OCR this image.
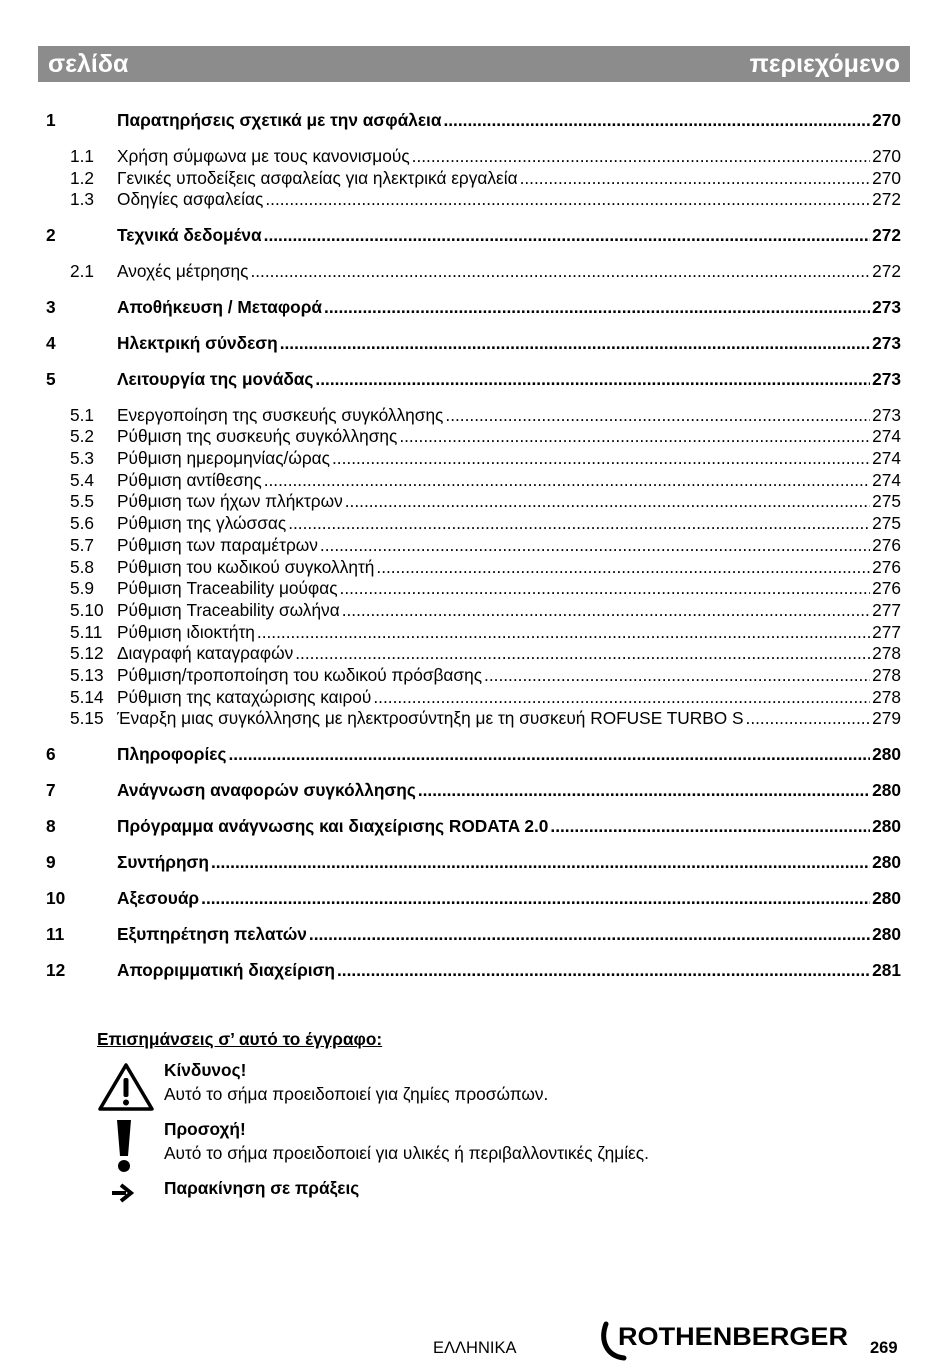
σελίδα	περιεχόμενο
1	Παρατηρήσεις σχετικά με την ασφάλεια .....	270
1.1	Χρήση σύμφωνα με τους κανονισμούς .....	270
1.2	Γενικές υποδείξεις ασφαλείας για ηλεκτρικά εργαλεία .....	270
1.3	Οδηγίες ασφαλείας .....	272
2	Τεχνικά δεδομένα .....	272
2.1	Ανοχές μέτρησης .....	272
3	Αποθήκευση / Μεταφορά .....	273
4	Ηλεκτρική σύνδεση .....	273
5	Λειτουργία της μονάδας .....	273
5.1	Ενεργοποίηση της συσκευής συγκόλλησης .....	273
5.2	Ρύθμιση της συσκευής συγκόλλησης .....	274
5.3	Ρύθμιση ημερομηνίας/ώρας .....	274
5.4	Ρύθμιση αντίθεσης .....	274
5.5	Ρύθμιση των ήχων πλήκτρων .....	275
5.6	Ρύθμιση της γλώσσας .....	275
5.7	Ρύθμιση των παραμέτρων .....	276
5.8	Ρύθμιση του κωδικού συγκολλητή .....	276
5.9	Ρύθμιση Traceability μούφας .....	276
5.10 Ρύθμιση Traceability σωλήνα .....	277
5.11 Ρύθμιση ιδιοκτήτη .....	277
5.12 Διαγραφή καταγραφών .....	278
5.13 Ρύθμιση/τροποποίηση του κωδικού πρόσβασης .....	278
5.14 Ρύθμιση της καταχώρισης καιρού .....	278
5.15 Έναρξη μιας συγκόλλησης με ηλεκτροσύντηξη με τη συσκευή ROFUSE TURBO S .....	279
6	Πληροφορίες .....	280
7	Ανάγνωση αναφορών συγκόλλησης .....	280
8	Πρόγραμμα ανάγνωσης και διαχείρισης RODATA 2.0 .....	280
9	Συντήρηση .....	280
10	Αξεσουάρ .....	280
11	Εξυπηρέτηση πελατών .....	280
12	Απορριμματική διαχείριση .....	281

Επισημάνσεις σ’ αυτό το έγγραφο:

Κίνδυνος!
Αυτό το σήμα προειδοποιεί για ζημίες προσώπων.
Προσοχή!
Αυτό το σήμα προειδοποιεί για υλικές ή περιβαλλοντικές ζημίες.
Παρακίνηση σε πράξεις
ΕΛΛΗΝΙΚΑ	ROTHENBERGER 269
